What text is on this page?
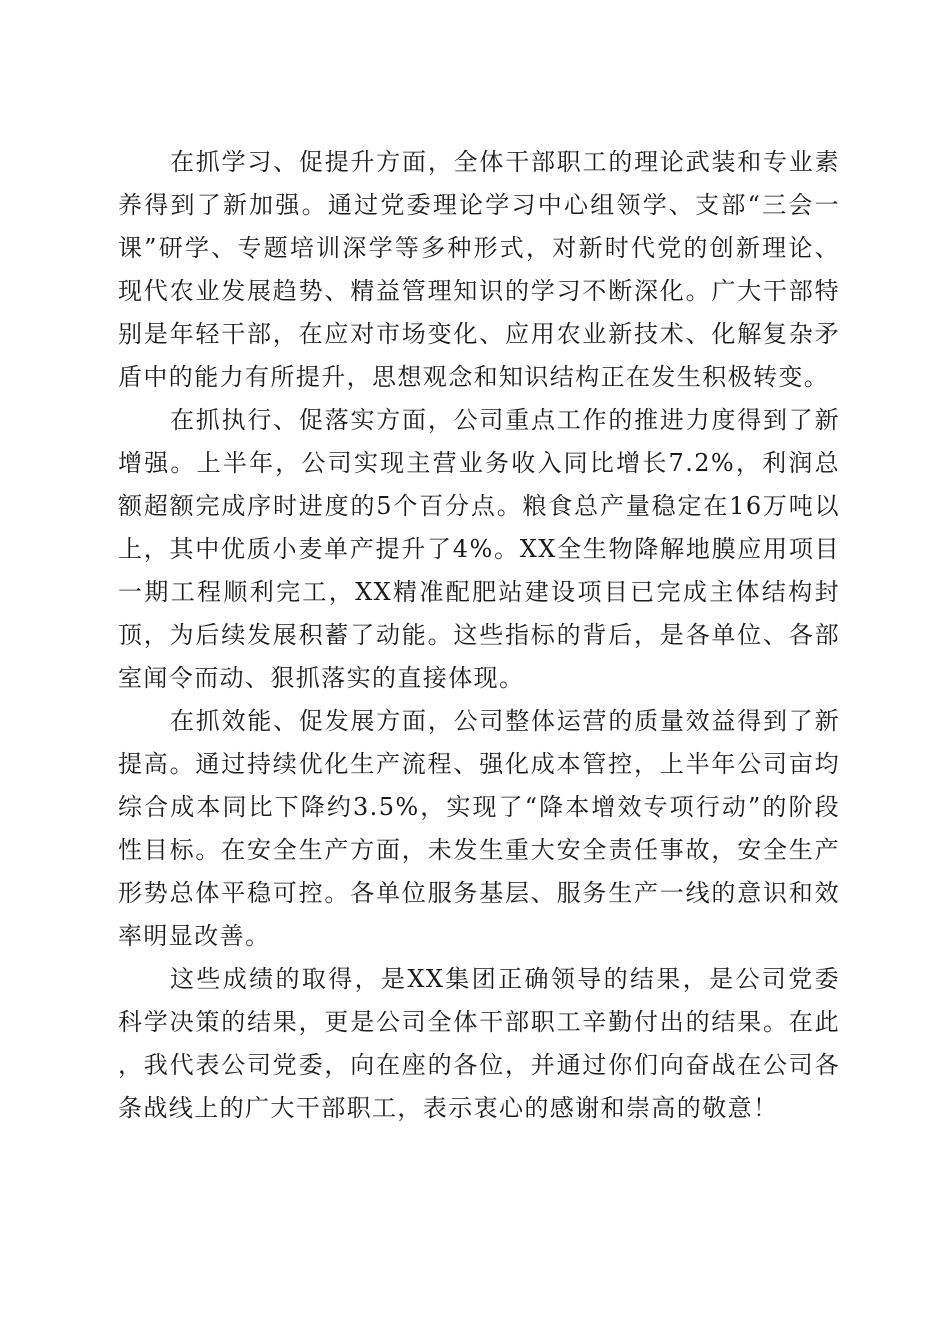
在抓学习、促提升方面，全体干部职工的理论武装和专业素养得到了新加强。通过党委理论学习中心组领学、支部“三会一课”研学、专题培训深学等多种形式，对新时代党的创新理论、现代农业发展趋势、精益管理知识的学习不断深化。广大干部特别是年轻干部，在应对市场变化、应用农业新技术、化解复杂矛盾中的能力有所提升，思想观念和知识结构正在发生积极转变。

在抓执行、促落实方面，公司重点工作的推进力度得到了新增强。上半年，公司实现主营业务收入同比增长7.2%，利润总额超额完成序时进度的5个百分点。粮食总产量稳定在16万吨以上，其中优质小麦单产提升了4%。XX全生物降解地膜应用项目一期工程顺利完工，XX精准配肥站建设项目已完成主体结构封顶，为后续发展积蓄了动能。这些指标的背后，是各单位、各部室闻令而动、狠抓落实的直接体现。

在抓效能、促发展方面，公司整体运营的质量效益得到了新提高。通过持续优化生产流程、强化成本管控，上半年公司亩均综合成本同比下降约3.5%，实现了“降本增效专项行动”的阶段性目标。在安全生产方面，未发生重大安全责任事故，安全生产形势总体平稳可控。各单位服务基层、服务生产一线的意识和效率明显改善。

这些成绩的取得，是XX集团正确领导的结果，是公司党委科学决策的结果，更是公司全体干部职工辛勤付出的结果。在此，我代表公司党委，向在座的各位，并通过你们向奋战在公司各条战线上的广大干部职工，表示衷心的感谢和崇高的敬意！
